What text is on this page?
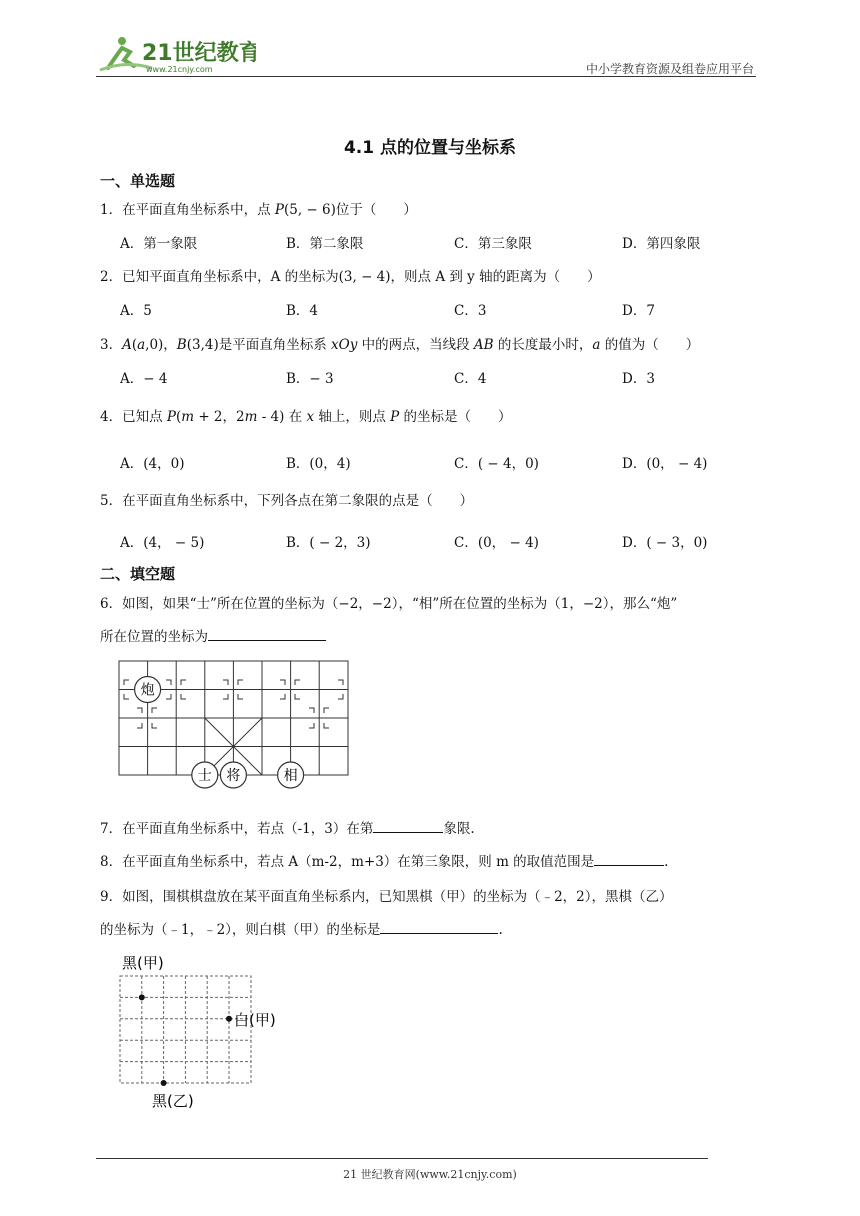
21世纪教育
www.21cnjy.com	中小学教育资源及组卷应用平台
4.1 点的位置与坐标系
一、单选题
1．在平面直角坐标系中，点 𝑃(5, − 6)位于（　　）
A．第一象限	B．第二象限	C．第三象限	D．第四象限
2．已知平面直角坐标系中，A 的坐标为(3, − 4)，则点 A 到 y 轴的距离为（　　）
A．5	B．4	C．3	D．7
3．𝐴(𝑎,0)，𝐵(3,4)是平面直角坐标系 𝑥𝑂𝑦 中的两点，当线段 𝐴𝐵 的长度最小时，𝑎 的值为（　　）
A．− 4	B．− 3	C．4	D．3
4．已知点 𝑃(𝑚 + 2，2𝑚 ‑ 4) 在 𝑥 轴上，则点 𝑃 的坐标是（　　）
A．(4，0)	B．(0，4)	C．( − 4，0)	D．(0， − 4)
5．在平面直角坐标系中，下列各点在第二象限的点是（　　）
A．(4， − 5)	B．( − 2，3)	C．(0， − 4)	D．( − 3，0)
二、填空题
6．如图，如果“士”所在位置的坐标为（−2，−2），“相”所在位置的坐标为（1，−2），那么“炮”
所在位置的坐标为
炮
士 将	相
7．在平面直角坐标系中，若点（-1，3）在第	象限.
8．在平面直角坐标系中，若点 A（m-2，m+3）在第三象限，则 m 的取值范围是	.
9．如图，围棋棋盘放在某平面直角坐标系内，已知黑棋（甲）的坐标为（﹣2，2），黑棋（乙）
的坐标为（﹣1，﹣2），则白棋（甲）的坐标是	.
黑(甲)
白(甲)
黑(乙)
21 世纪教育网(www.21cnjy.com)
